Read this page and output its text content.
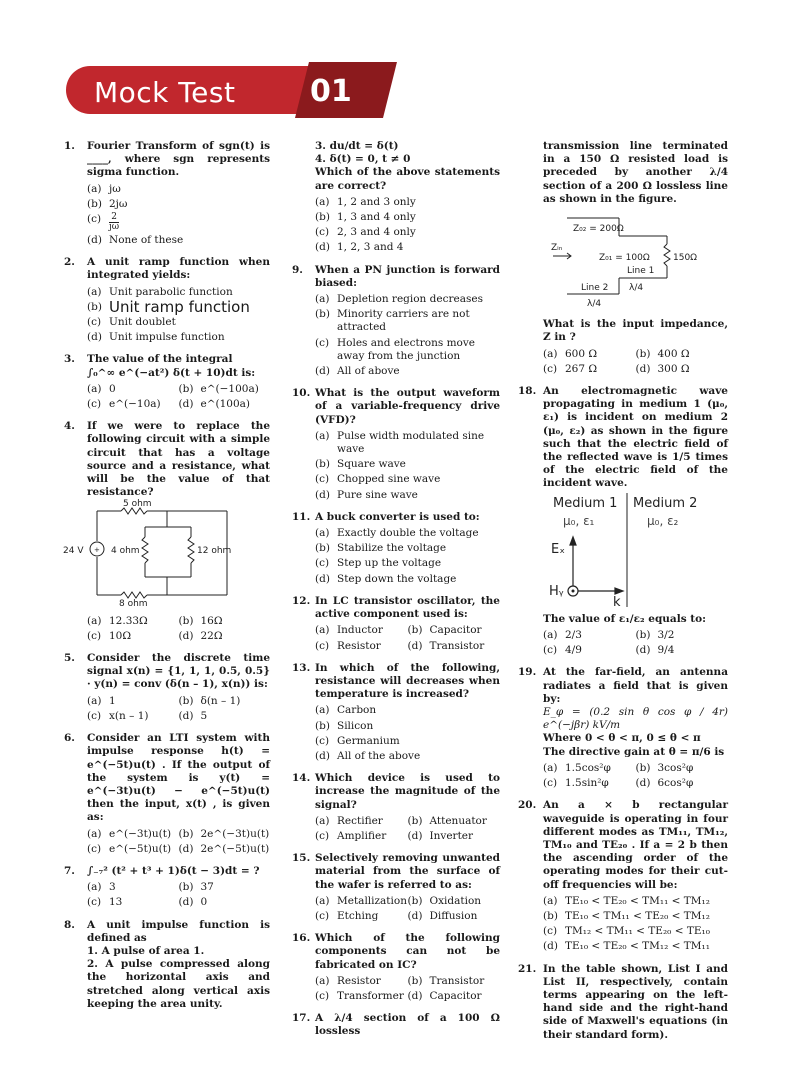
Mock Test 01
1. Fourier Transform of sgn(t) is ____, where sgn represents sigma function.
(a) jω
(b) 2jω
$(c) \frac{2}{j\omega}$
(d) None of these
2. A unit ramp function when integrated yields:
(a) Unit parabolic function
(b) Unit ramp function
(c) Unit doublet
(d) Unit impulse function
3. The value of the integral
∫₀^∞ e^(−at²) δ(t + 10)dt is:
(a) 0	(b) e^(−100a)
(c) e^(−10a)	(d) e^(100a)
4. If we were to replace the following circuit with a simple circuit that has a voltage source and a resistance, what will be the value of that resistance?
+
5 ohm
4 ohm	12 ohm
8 ohm
24 V
(a) 12.33Ω	(b) 16Ω
(c) 10Ω	(d) 22Ω
5. Consider the discrete time signal x(n) = {1, 1, 1, 0.5, 0.5} · y(n) = conv (δ(n – 1), x(n)) is:
(a) 1	(b) δ(n – 1)
(c) x(n – 1)	(d) 5
6. Consider an LTI system with impulse response h(t) = e^(−5t)u(t) . If the output of the system is y(t) = e^(−3t)u(t) − e^(−5t)u(t) then the input, x(t) , is given as:
(a) e^(−3t)u(t) (b) 2e^(−3t)u(t)
(c) e^(−5t)u(t) (d) 2e^(−5t)u(t)
7. ∫₋₇² (t² + t³ + 1)δ(t − 3)dt = ?
(a) 3	(b) 37
(c) 13	(d) 0
8. A unit impulse function is defined as
1. A pulse of area 1.
2. A pulse compressed along the horizontal axis and stretched along vertical axis keeping the area unity.
3. du/dt = δ(t)
4. δ(t) = 0, t ≠ 0
Which of the above statements are correct?
(a) 1, 2 and 3 only
(b) 1, 3 and 4 only
(c) 2, 3 and 4 only
(d) 1, 2, 3 and 4
9. When a PN junction is forward biased:
(a) Depletion region decreases
(b) Minority carriers are not attracted
(c) Holes and electrons move away from the junction
(d) All of above
10. What is the output waveform of a variable-frequency drive (VFD)?
(a) Pulse width modulated sine wave
(b) Square wave
(c) Chopped sine wave
(d) Pure sine wave
11. A buck converter is used to:
(a) Exactly double the voltage
(b) Stabilize the voltage
(c) Step up the voltage
(d) Step down the voltage
12. In LC transistor oscillator, the active component used is:
(a) Inductor	(b) Capacitor
(c) Resistor	(d) Transistor
13. In which of the following, resistance will decreases when temperature is increased?
(a) Carbon
(b) Silicon
(c) Germanium
(d) All of the above
14. Which device is used to increase the magnitude of the signal?
(a) Rectifier	(b) Attenuator
(c) Amplifier	(d) Inverter
15. Selectively removing unwanted material from the surface of the wafer is referred to as:
(a) Metallization (b) Oxidation
(c) Etching	(d) Diffusion
16. Which of the following components can not be fabricated on IC?
(a) Resistor	(b) Transistor
(c) Transformer (d) Capacitor
17. A λ/4 section of a 100 Ω lossless
transmission line terminated in a 150 Ω resisted load is preceded by another λ/4 section of a 200 Ω lossless line as shown in the figure.
Z₀₂ = 200Ω
Zᵢₙ
Z₀₁ = 100Ω	150Ω
Line 1
Line 2 λ/4
λ/4
What is the input impedance, Z in ?
(a) 600 Ω	(b) 400 Ω
(c) 267 Ω	(d) 300 Ω
18. An electromagnetic wave propagating in medium 1 (μ₀, ε₁) is incident on medium 2 (μ₀, ε₂) as shown in the figure such that the electric field of the reflected wave is 1/5 times of the electric field of the incident wave.
Medium 1 Medium 2
μ₀, ε₁	μ₀, ε₂
Eₓ
Hᵧ
k
The value of ε₁/ε₂ equals to:
(a) 2/3	(b) 3/2
(c) 4/9	(d) 9/4
19. At the far-field, an antenna radiates a field that is given by:
E_φ = (0.2 sin θ cos φ / 4r) e^(−jβr) kV/m
Where 0 < θ < π, 0 ≤ θ < π
The directive gain at θ = π/6 is
(a) 1.5cos²φ	(b) 3cos²φ
(c) 1.5sin²φ	(d) 6cos²φ
20. An a × b rectangular waveguide is operating in four different modes as TM₁₁, TM₁₂, TM₁₀ and TE₂₀ . If a = 2 b then the ascending order of the operating modes for their cut-off frequencies will be:
(a) TE₁₀ < TE₂₀ < TM₁₁ < TM₁₂
(b) TE₁₀ < TM₁₁ < TE₂₀ < TM₁₂
(c) TM₁₂ < TM₁₁ < TE₂₀ < TE₁₀
(d) TE₁₀ < TE₂₀ < TM₁₂ < TM₁₁
21. In the table shown, List I and List II, respectively, contain terms appearing on the left-hand side and the right-hand side of Maxwell's equations (in their standard form).
